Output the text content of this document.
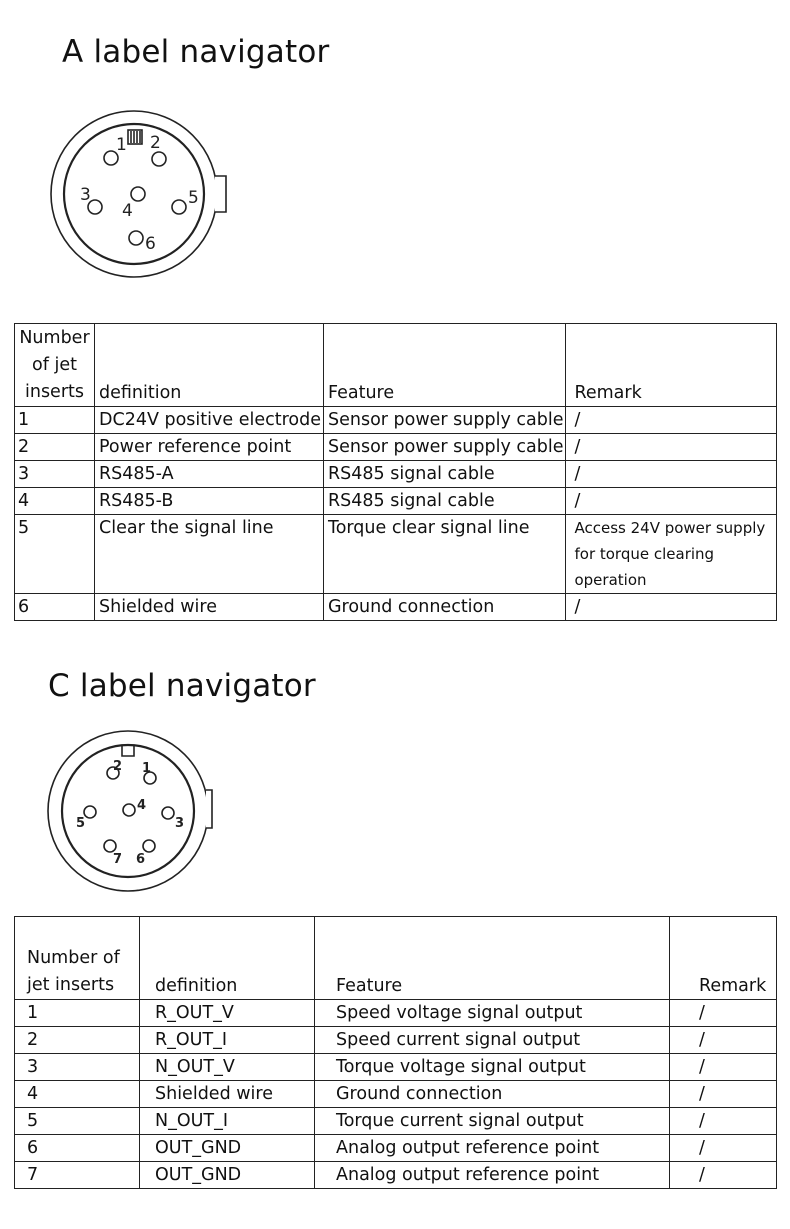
A label navigator
1 2
3
4
5
6
Number of jet inserts	definition	Feature	Remark
1	DC24V positive electrode	Sensor power supply cable	/
2	Power reference point	Sensor power supply cable	/
3	RS485-A	RS485 signal cable	/
4	RS485-B	RS485 signal cable	/
5	Clear the signal line	Torque clear signal line	Access 24V power supply for torque clearing operation
6	Shielded wire	Ground connection	/
C label navigator
1
2
3
4
5
6
7
Number of jet inserts	definition	Feature	Remark
1	R_OUT_V	Speed voltage signal output	/
2	R_OUT_I	Speed current signal output	/
3	N_OUT_V	Torque voltage signal output	/
4	Shielded wire	Ground connection	/
5	N_OUT_I	Torque current signal output	/
6	OUT_GND	Analog output reference point	/
7	OUT_GND	Analog output reference point	/
